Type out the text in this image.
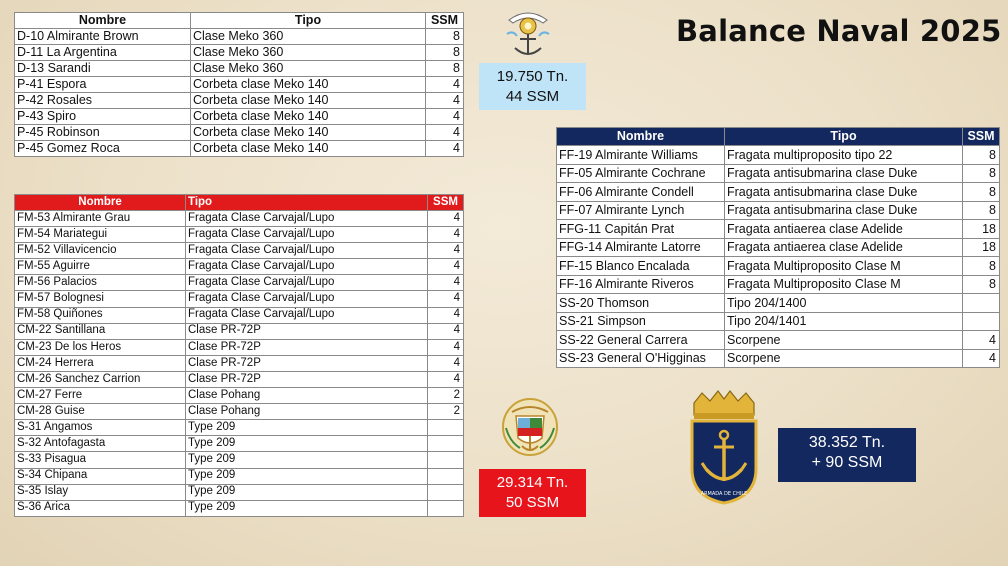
Balance Naval 2025
Nombre	Tipo	SSM
D-10 Almirante Brown	Clase Meko 360	8
D-11 La Argentina	Clase Meko 360	8
D-13 Sarandi	Clase Meko 360	8
P-41 Espora	Corbeta clase Meko 140	4
P-42 Rosales	Corbeta clase Meko 140	4
P-43 Spiro	Corbeta clase Meko 140	4
P-45 Robinson	Corbeta clase Meko 140	4
P-45 Gomez Roca	Corbeta clase Meko 140	4
19.750 Tn.
44 SSM
Nombre	Tipo	SSM
FM-53 Almirante Grau	Fragata Clase Carvajal/Lupo	4
FM-54 Mariategui	Fragata Clase Carvajal/Lupo	4
FM-52 Villavicencio	Fragata Clase Carvajal/Lupo	4
FM-55 Aguirre	Fragata Clase Carvajal/Lupo	4
FM-56 Palacios	Fragata Clase Carvajal/Lupo	4
FM-57 Bolognesi	Fragata Clase Carvajal/Lupo	4
FM-58 Quiñones	Fragata Clase Carvajal/Lupo	4
CM-22 Santillana	Clase PR-72P	4
CM-23 De los Heros	Clase PR-72P	4
CM-24 Herrera	Clase PR-72P	4
CM-26 Sanchez Carrion	Clase PR-72P	4
CM-27 Ferre	Clase Pohang	2
CM-28 Guise	Clase Pohang	2
S-31 Angamos	Type 209	
S-32 Antofagasta	Type 209	
S-33 Pisagua	Type 209	
S-34 Chipana	Type 209	
S-35 Islay	Type 209	
S-36 Arica	Type 209	
29.314 Tn.
50 SSM
Nombre	Tipo	SSM
FF-19 Almirante Williams	Fragata multiproposito tipo 22	8
FF-05 Almirante Cochrane	Fragata antisubmarina clase Duke	8
FF-06 Almirante Condell	Fragata antisubmarina clase Duke	8
FF-07 Almirante Lynch	Fragata antisubmarina clase Duke	8
FFG-11 Capitán Prat	Fragata antiaerea clase Adelide	18
FFG-14 Almirante Latorre	Fragata antiaerea clase Adelide	18
FF-15 Blanco Encalada	Fragata Multiproposito Clase M	8
FF-16 Almirante Riveros	Fragata Multiproposito Clase M	8
SS-20 Thomson	Tipo 204/1400	
SS-21 Simpson	Tipo 204/1401	
SS-22 General Carrera	Scorpene	4
SS-23 General O'Higginas	Scorpene	4
ARMADA DE CHILE
38.352 Tn.
+ 90 SSM
